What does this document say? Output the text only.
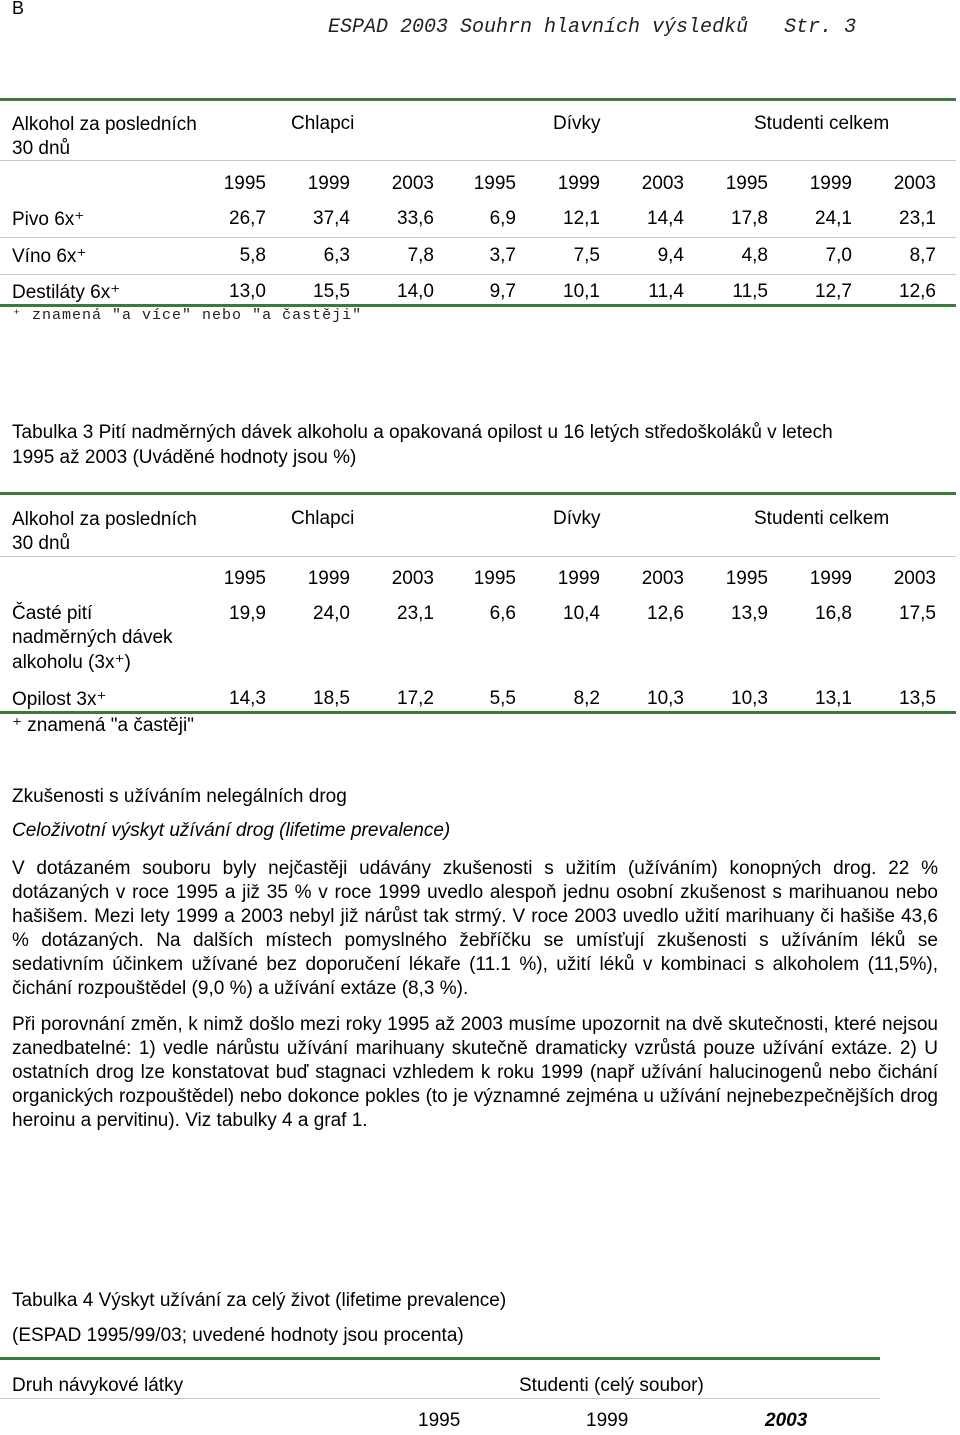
B
ESPAD 2003 Souhrn hlavních výsledků   Str. 3
Alkohol za posledních 30 dnů
Chlapci	Dívky	Studenti celkem
1995	1999	2003	1995	1999	2003	1995	1999	2003
Pivo 6x⁺	26,7	37,4	33,6	6,9	12,1	14,4	17,8	24,1	23,1
Víno 6x⁺	5,8	6,3	7,8	3,7	7,5	9,4	4,8	7,0	8,7
Destiláty 6x⁺	13,0	15,5	14,0	9,7	10,1	11,4	11,5	12,7	12,6
⁺ znamená "a více" nebo "a častěji"
Tabulka 3 Pití nadměrných dávek alkoholu a opakovaná opilost u 16 letých středoškoláků v letech
1995 až 2003 (Uváděné hodnoty jsou %)
Alkohol za posledních 30 dnů
Chlapci	Dívky	Studenti celkem
1995	1999	2003	1995	1999	2003	1995	1999	2003
Časté pití
nadměrných dávek
alkoholu (3x⁺)
19,9	24,0	23,1	6,6	10,4	12,6	13,9	16,8	17,5
Opilost 3x⁺	14,3	18,5	17,2	5,5	8,2	10,3	10,3	13,1	13,5
⁺ znamená "a častěji"
Zkušenosti s užíváním nelegálních drog
Celoživotní výskyt užívání drog (lifetime prevalence)

V dotázaném souboru byly nejčastěji udávány zkušenosti s užitím (užíváním) konopných drog. 22 % dotázaných v roce 1995 a již 35 % v roce 1999 uvedlo alespoň jednu osobní zkušenost s marihuanou nebo hašišem. Mezi lety 1999 a 2003 nebyl již nárůst tak strmý. V roce 2003 uvedlo užití marihuany či hašiše 43,6 % dotázaných. Na dalších místech pomyslného žebříčku se umísťují zkušenosti s užíváním léků se sedativním účinkem užívané bez doporučení lékaře (11.1 %), užití léků v kombinaci s alkoholem (11,5%), čichání rozpouštědel (9,0 %) a užívání extáze (8,3 %).

Při porovnání změn, k nimž došlo mezi roky 1995 až 2003 musíme upozornit na dvě skutečnosti, které nejsou zanedbatelné: 1) vedle nárůstu užívání marihuany skutečně dramaticky vzrůstá pouze užívání extáze. 2) U ostatních drog lze konstatovat buď stagnaci vzhledem k roku 1999 (např užívání halucinogenů nebo čichání organických rozpouštědel) nebo dokonce pokles (to je významné zejména u užívání nejnebezpečnějších drog heroinu a pervitinu). Viz tabulky 4 a graf 1.

Tabulka 4 Výskyt užívání za celý život (lifetime prevalence)
(ESPAD 1995/99/03; uvedené hodnoty jsou procenta)
Druh návykové látky	Studenti (celý soubor)
1995	1999	2003
